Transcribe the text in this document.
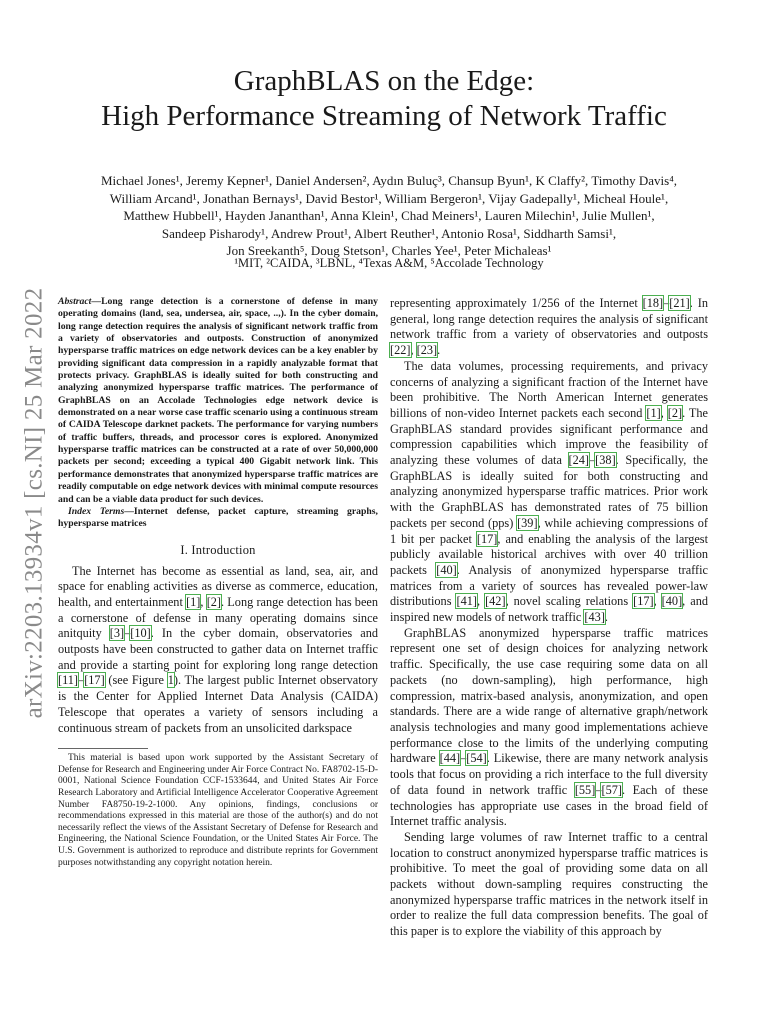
arXiv:2203.13934v1 [cs.NI] 25 Mar 2022

GraphBLAS on the Edge:

High Performance Streaming of Network Traffic

Michael Jones¹, Jeremy Kepner¹, Daniel Andersen², Aydın Buluç³, Chansup Byun¹, K Claffy², Timothy Davis⁴,

William Arcand¹, Jonathan Bernays¹, David Bestor¹, William Bergeron¹, Vijay Gadepally¹, Micheal Houle¹,

Matthew Hubbell¹, Hayden Jananthan¹, Anna Klein¹, Chad Meiners¹, Lauren Milechin¹, Julie Mullen¹,

Sandeep Pisharody¹, Andrew Prout¹, Albert Reuther¹, Antonio Rosa¹, Siddharth Samsi¹,

Jon Sreekanth⁵, Doug Stetson¹, Charles Yee¹, Peter Michaleas¹

¹MIT, ²CAIDA, ³LBNL, ⁴Texas A&M, ⁵Accolade Technology

Abstract—Long range detection is a cornerstone of defense in many operating domains (land, sea, undersea, air, space, ..,). In the cyber domain, long range detection requires the analysis of significant network traffic from a variety of observatories and outposts. Construction of anonymized hypersparse traffic matrices on edge network devices can be a key enabler by providing significant data compression in a rapidly analyzable format that protects privacy. GraphBLAS is ideally suited for both constructing and analyzing anonymized hypersparse traffic matrices. The performance of GraphBLAS on an Accolade Technologies edge network device is demonstrated on a near worse case traffic scenario using a continuous stream of CAIDA Telescope darknet packets. The performance for varying numbers of traffic buffers, threads, and processor cores is explored. Anonymized hypersparse traffic matrices can be constructed at a rate of over 50,000,000 packets per second; exceeding a typical 400 Gigabit network link. This performance demonstrates that anonymized hypersparse traffic matrices are readily computable on edge network devices with minimal compute resources and can be a viable data product for such devices.

Index Terms—Internet defense, packet capture, streaming graphs, hypersparse matrices

I. Introduction

The Internet has become as essential as land, sea, air, and space for enabling activities as diverse as commerce, education, health, and entertainment [1], [2]. Long range detection has been a cornerstone of defense in many operating domains since anitquity [3]–[10]. In the cyber domain, observatories and outposts have been constructed to gather data on Internet traffic and provide a starting point for exploring long range detection [11]–[17] (see Figure 1). The largest public Internet observatory is the Center for Applied Internet Data Analysis (CAIDA) Telescope that operates a variety of sensors including a continuous stream of packets from an unsolicited darkspace

This material is based upon work supported by the Assistant Secretary of Defense for Research and Engineering under Air Force Contract No. FA8702-15-D-0001, National Science Foundation CCF-1533644, and United States Air Force Research Laboratory and Artificial Intelligence Accelerator Cooperative Agreement Number FA8750-19-2-1000. Any opinions, findings, conclusions or recommendations expressed in this material are those of the author(s) and do not necessarily reflect the views of the Assistant Secretary of Defense for Research and Engineering, the National Science Foundation, or the United States Air Force. The U.S. Government is authorized to reproduce and distribute reprints for Government purposes notwithstanding any copyright notation herein.

representing approximately 1/256 of the Internet [18]–[21]. In general, long range detection requires the analysis of significant network traffic from a variety of observatories and outposts [22], [23].

The data volumes, processing requirements, and privacy concerns of analyzing a significant fraction of the Internet have been prohibitive. The North American Internet generates billions of non-video Internet packets each second [1], [2]. The GraphBLAS standard provides significant performance and compression capabilities which improve the feasibility of analyzing these volumes of data [24]–[38]. Specifically, the GraphBLAS is ideally suited for both constructing and analyzing anonymized hypersparse traffic matrices. Prior work with the GraphBLAS has demonstrated rates of 75 billion packets per second (pps) [39], while achieving compressions of 1 bit per packet [17], and enabling the analysis of the largest publicly available historical archives with over 40 trillion packets [40]. Analysis of anonymized hypersparse traffic matrices from a variety of sources has revealed power-law distributions [41], [42], novel scaling relations [17], [40], and inspired new models of network traffic [43].

GraphBLAS anonymized hypersparse traffic matrices represent one set of design choices for analyzing network traffic. Specifically, the use case requiring some data on all packets (no down-sampling), high performance, high compression, matrix-based analysis, anonymization, and open standards. There are a wide range of alternative graph/network analysis technologies and many good implementations achieve performance close to the limits of the underlying computing hardware [44]–[54]. Likewise, there are many network analysis tools that focus on providing a rich interface to the full diversity of data found in network traffic [55]–[57]. Each of these technologies has appropriate use cases in the broad field of Internet traffic analysis.

Sending large volumes of raw Internet traffic to a central location to construct anonymized hypersparse traffic matrices is prohibitive. To meet the goal of providing some data on all packets without down-sampling requires constructing the anonymized hypersparse traffic matrices in the network itself in order to realize the full data compression benefits. The goal of this paper is to explore the viability of this approach by
